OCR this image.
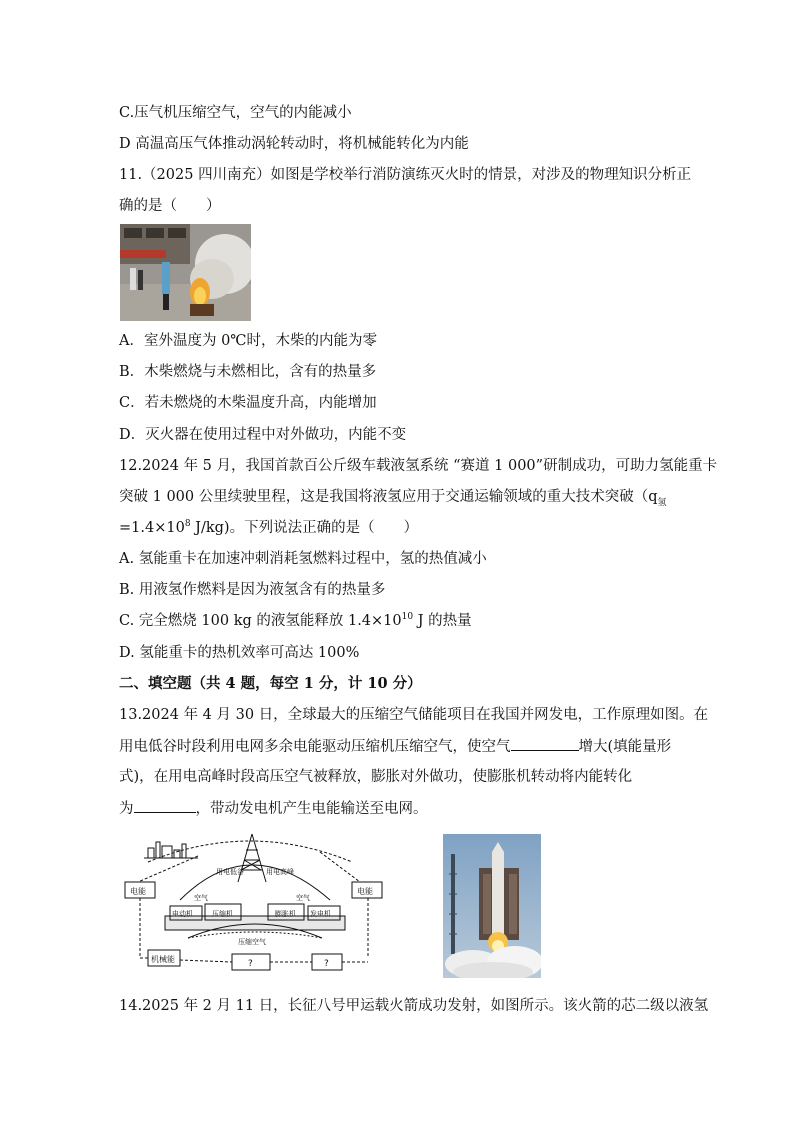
C.压气机压缩空气，空气的内能减小
D 高温高压气体推动涡轮转动时，将机械能转化为内能
11.（2025 四川南充）如图是学校举行消防演练灭火时的情景，对涉及的物理知识分析正
确的是（　　）
A．室外温度为 0℃时，木柴的内能为零
B．木柴燃烧与未燃相比，含有的热量多
C．若未燃烧的木柴温度升高，内能增加
D．灭火器在使用过程中对外做功，内能不变
12.2024 年 5 月，我国首款百公斤级车载液氢系统 “赛道 1 000”研制成功，可助力氢能重卡
突破 1 000 公里续驶里程，这是我国将液氢应用于交通运输领域的重大技术突破（$q_氢$
$=1.4\times 10^8$ J/kg)。下列说法正确的是（　　）
A. 氢能重卡在加速冲刺消耗氢燃料过程中，氢的热值减小
B. 用液氢作燃料是因为液氢含有的热量多
C. 完全燃烧 100 kg 的液氢能释放 $1.4\times 10^{10}$ J 的热量
D. 氢能重卡的热机效率可高达 100%
二、填空题（共 4 题，每空 1 分，计 10 分）
13.2024 年 4 月 30 日，全球最大的压缩空气储能项目在我国并网发电，工作原理如图。在
用电低谷时段利用电网多余电能驱动压缩机压缩空气，使空气	增大(填能量形
式)，在用电高峰时段高压空气被释放，膨胀对外做功，使膨胀机转动将内能转化
为	，带动发电机产生电能输送至电网。
电能	电能
用电低谷	用电高峰
空气	空气
电动机	压缩机	膨胀机 发电机
压缩空气
机械能	?	?
14.2025 年 2 月 11 日，长征八号甲运载火箭成功发射，如图所示。该火箭的芯二级以液氢
